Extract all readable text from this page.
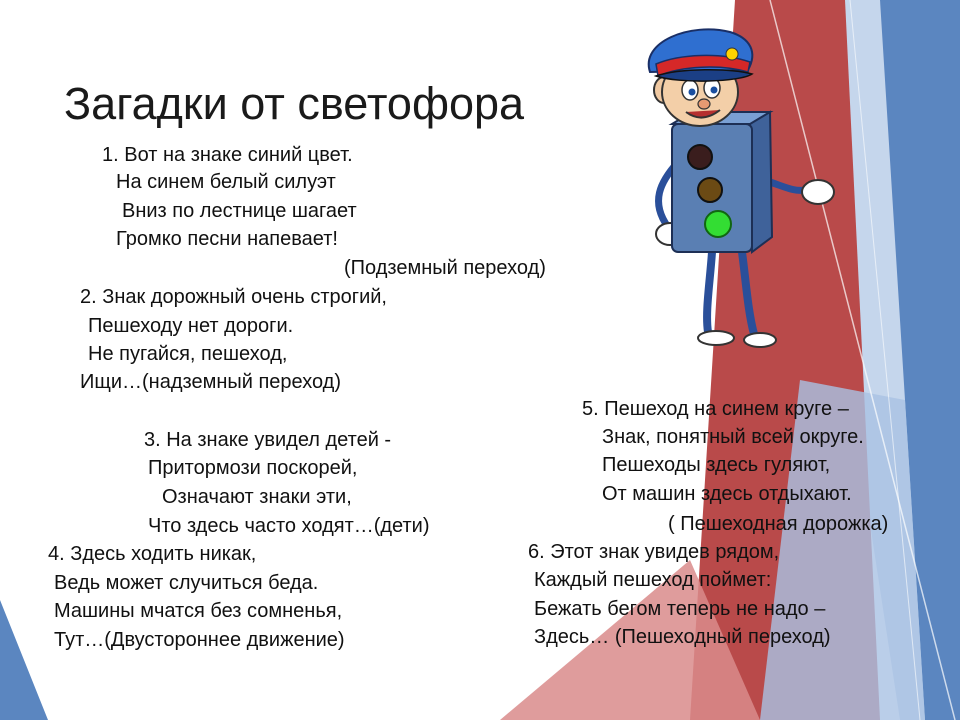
Загадки от светофора
1. Вот на знаке синий цвет.
На синем белый силуэт
Вниз по лестнице шагает
Громко песни напевает!
(Подземный переход)
2. Знак дорожный очень строгий,
Пешеходу нет дороги.
Не пугайся, пешеход,
Ищи…(надземный переход)
3. На знаке увидел детей -
Притормози поскорей,
Означают знаки эти,
Что здесь часто ходят…(дети)
4. Здесь ходить никак,
Ведь может случиться беда.
Машины мчатся без сомненья,
Тут…(Двустороннее движение)
5. Пешеход на синем круге –
Знак, понятный всей округе.
Пешеходы здесь гуляют,
От машин здесь отдыхают.
( Пешеходная дорожка)
6. Этот знак увидев рядом,
Каждый пешеход поймет:
Бежать бегом теперь не надо –
Здесь… (Пешеходный переход)
